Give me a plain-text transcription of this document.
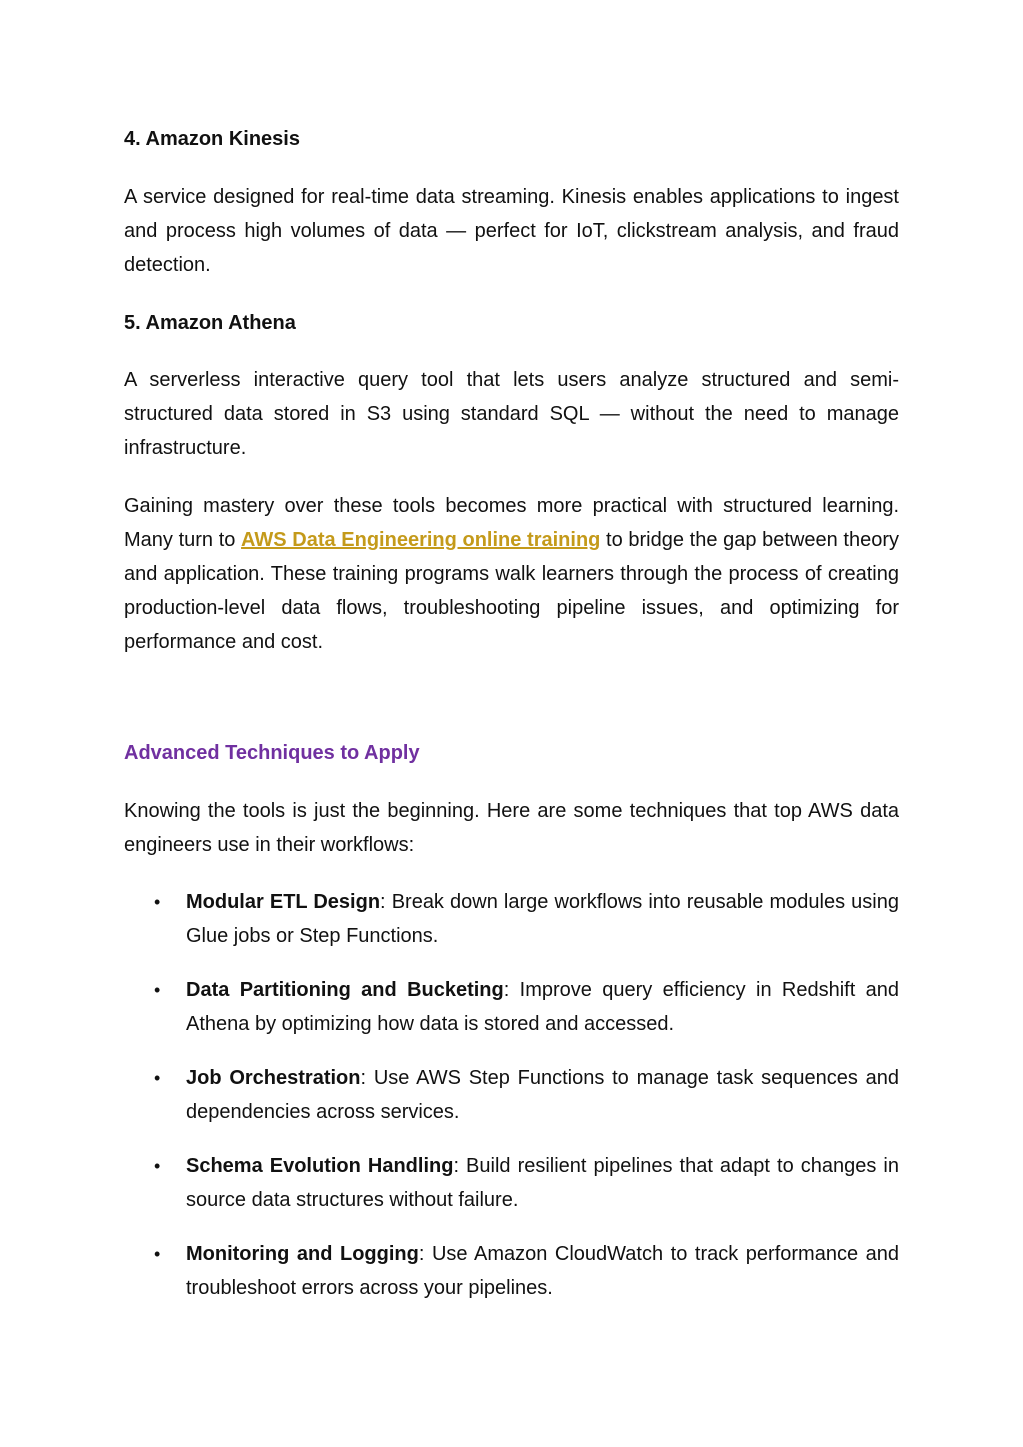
4. Amazon Kinesis

A service designed for real-time data streaming. Kinesis enables applications to ingest and process high volumes of data — perfect for IoT, clickstream analysis, and fraud detection.

5. Amazon Athena

A serverless interactive query tool that lets users analyze structured and semi-structured data stored in S3 using standard SQL — without the need to manage infrastructure.

Gaining mastery over these tools becomes more practical with structured learning. Many turn to AWS Data Engineering online training to bridge the gap between theory and application. These training programs walk learners through the process of creating production-level data flows, troubleshooting pipeline issues, and optimizing for performance and cost.

Advanced Techniques to Apply

Knowing the tools is just the beginning. Here are some techniques that top AWS data engineers use in their workflows:

• Modular ETL Design: Break down large workflows into reusable modules using Glue jobs or Step Functions.
• Data Partitioning and Bucketing: Improve query efficiency in Redshift and Athena by optimizing how data is stored and accessed.
• Job Orchestration: Use AWS Step Functions to manage task sequences and dependencies across services.
• Schema Evolution Handling: Build resilient pipelines that adapt to changes in source data structures without failure.
• Monitoring and Logging: Use Amazon CloudWatch to track performance and troubleshoot errors across your pipelines.
